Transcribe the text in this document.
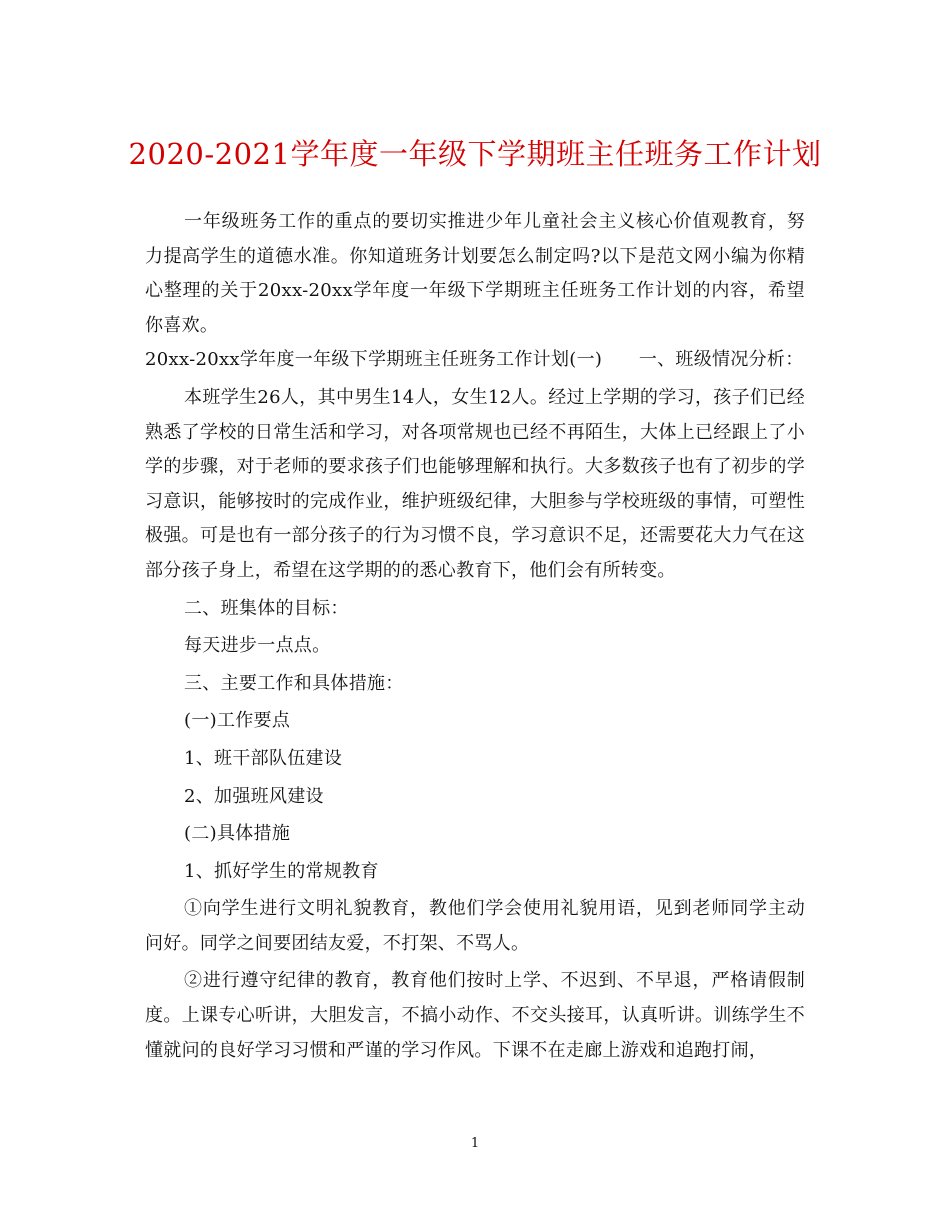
2020-2021学年度一年级下学期班主任班务工作计划

一年级班务工作的重点的要切实推进少年儿童社会主义核心价值观教育，努力提高学生的道德水准。你知道班务计划要怎么制定吗?以下是范文网小编为你精心整理的关于20xx-20xx学年度一年级下学期班主任班务工作计划的内容，希望你喜欢。

20xx-20xx学年度一年级下学期班主任班务工作计划(一)　　一、班级情况分析：

本班学生26人，其中男生14人，女生12人。经过上学期的学习，孩子们已经熟悉了学校的日常生活和学习，对各项常规也已经不再陌生，大体上已经跟上了小学的步骤，对于老师的要求孩子们也能够理解和执行。大多数孩子也有了初步的学习意识，能够按时的完成作业，维护班级纪律，大胆参与学校班级的事情，可塑性极强。可是也有一部分孩子的行为习惯不良，学习意识不足，还需要花大力气在这部分孩子身上，希望在这学期的的悉心教育下，他们会有所转变。

二、班集体的目标：

每天进步一点点。

三、主要工作和具体措施：

(一)工作要点

1、班干部队伍建设

2、加强班风建设

(二)具体措施

1、抓好学生的常规教育

①向学生进行文明礼貌教育，教他们学会使用礼貌用语，见到老师同学主动问好。同学之间要团结友爱，不打架、不骂人。

②进行遵守纪律的教育，教育他们按时上学、不迟到、不早退，严格请假制度。上课专心听讲，大胆发言，不搞小动作、不交头接耳，认真听讲。训练学生不懂就问的良好学习习惯和严谨的学习作风。下课不在走廊上游戏和追跑打闹，

1
